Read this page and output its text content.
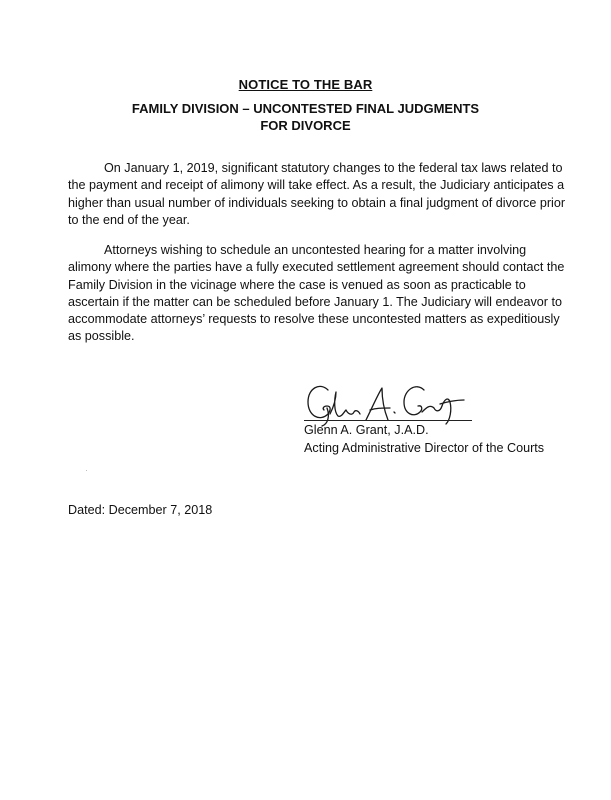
NOTICE TO THE BAR
FAMILY DIVISION – UNCONTESTED FINAL JUDGMENTS
FOR DIVORCE

On January 1, 2019, significant statutory changes to the federal tax laws related to the payment and receipt of alimony will take effect. As a result, the Judiciary anticipates a higher than usual number of individuals seeking to obtain a final judgment of divorce prior to the end of the year.

Attorneys wishing to schedule an uncontested hearing for a matter involving alimony where the parties have a fully executed settlement agreement should contact the Family Division in the vicinage where the case is venued as soon as practicable to ascertain if the matter can be scheduled before January 1. The Judiciary will endeavor to accommodate attorneys’ requests to resolve these uncontested matters as expeditiously as possible.

Glenn A. Grant, J.A.D.
Acting Administrative Director of the Courts
Dated: December 7, 2018
